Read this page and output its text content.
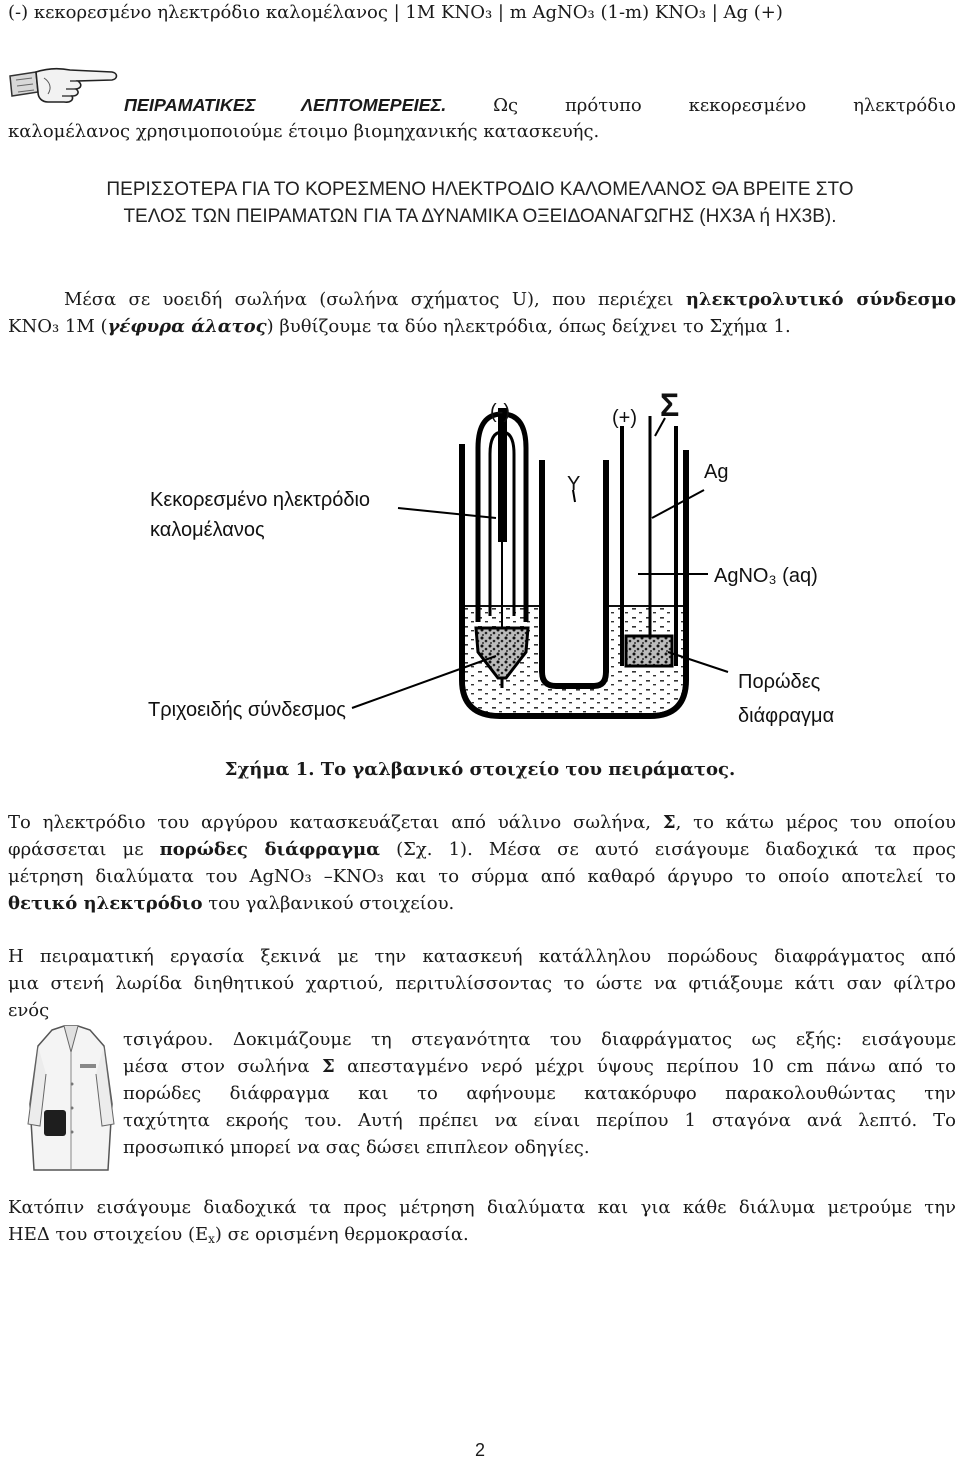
(-) κεκορεσμένο ηλεκτρόδιο καλομέλανος | 1M KNO₃ | m AgNO₃ (1-m) KNO₃ | Ag (+)
ΠΕΙΡΑΜΑΤΙΚΕΣ ΛΕΠΤΟΜΕΡΕΙΕΣ.	Ως πρότυπο κεκορεσμένο ηλεκτρόδιο
καλομέλανος χρησιμοποιούμε έτοιμο βιομηχανικής κατασκευής.
ΠΕΡΙΣΣΟΤΕΡΑ ΓΙΑ ΤΟ ΚΟΡΕΣΜΕΝΟ ΗΛΕΚΤΡΟΔΙΟ ΚΑΛΟΜΕΛΑΝΟΣ ΘΑ ΒΡΕΙΤΕ ΣΤΟ
ΤΕΛΟΣ ΤΩΝ ΠΕΙΡΑΜΑΤΩΝ ΓΙΑ ΤΑ ΔΥΝΑΜΙΚΑ ΟΞΕΙΔΟΑΝΑΓΩΓΗΣ (ΗΧ3Α ή ΗΧ3Β).
Μέσα σε υοειδή σωλήνα (σωλήνα σχήματος U), που περιέχει ηλεκτρολυτικό σύνδεσμο
KNO₃ 1M (γέφυρα άλατος) βυθίζουμε τα δύο ηλεκτρόδια, όπως δείχνει το Σχήμα 1.
(-)	(+) Σ
Y
Ag
AgNO₃ (aq)
Κεκορεσμένο ηλεκτρόδιο
καλομέλανος
Τριχοειδής σύνδεσμος
Πορώδες
διάφραγμα
Σχήμα 1. Το γαλβανικό στοιχείο του πειράματος.
Το ηλεκτρόδιο του αργύρου κατασκευάζεται από υάλινο σωλήνα, Σ, το κάτω μέρος του οποίου
φράσσεται με πορώδες διάφραγμα (Σχ. 1). Μέσα σε αυτό εισάγουμε διαδοχικά τα προς
μέτρηση διαλύματα του AgNO₃ –KNO₃ και το σύρμα από καθαρό άργυρο το οποίο αποτελεί το
θετικό ηλεκτρόδιο του γαλβανικού στοιχείου.
Η πειραματική εργασία ξεκινά με την κατασκευή κατάλληλου πορώδους διαφράγματος από
μια στενή λωρίδα διηθητικού χαρτιού, περιτυλίσσοντας το ώστε να φτιάξουμε κάτι σαν φίλτρο
ενός
τσιγάρου. Δοκιμάζουμε τη στεγανότητα του διαφράγματος ως εξής: εισάγουμε
μέσα στον σωλήνα Σ απεσταγμένο νερό μέχρι ύψους περίπου 10 cm πάνω από το
πορώδες διάφραγμα και το αφήνουμε κατακόρυφο παρακολουθώντας την
ταχύτητα εκροής του. Αυτή πρέπει να είναι περίπου 1 σταγόνα ανά λεπτό. Το
προσωπικό μπορεί να σας δώσει επιπλεον οδηγίες.
Κατόπιν εισάγουμε διαδοχικά τα προς μέτρηση διαλύματα και για κάθε διάλυμα μετρούμε την
ΗΕΔ του στοιχείου $(E_x)$ σε ορισμένη θερμοκρασία.
2
